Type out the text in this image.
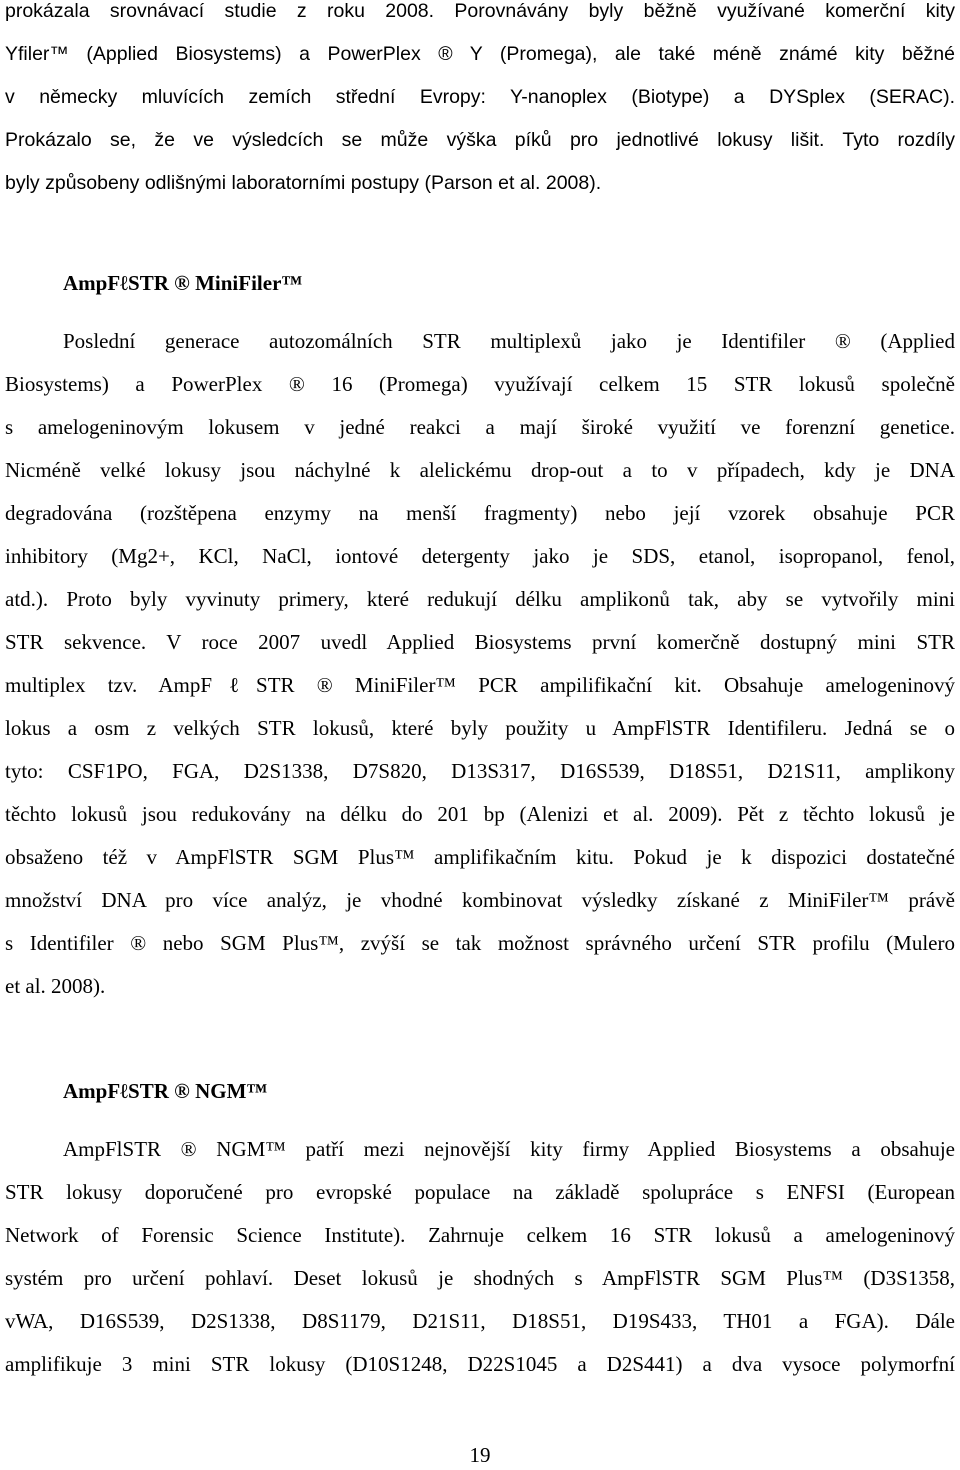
prokázala srovnávací studie z roku 2008. Porovnávány byly běžně využívané komerční kity
Yfiler™ (Applied Biosystems) a PowerPlex ® Y (Promega), ale také méně známé kity běžné
v německy mluvících zemích střední Evropy: Y-nanoplex (Biotype) a DYSplex (SERAC).
Prokázalo se, že ve výsledcích se může výška píků pro jednotlivé lokusy lišit. Tyto rozdíly
byly způsobeny odlišnými laboratorními postupy (Parson et al. 2008).
AmpFℓSTR ® MiniFiler™
Poslední generace autozomálních STR multiplexů jako je Identifiler ® (Applied
Biosystems) a PowerPlex ® 16 (Promega) využívají celkem 15 STR lokusů společně
s amelogeninovým lokusem v jedné reakci a mají široké využití ve forenzní genetice.
Nicméně velké lokusy jsou náchylné k alelickému drop-out a to v případech, kdy je DNA
degradována (rozštěpena enzymy na menší fragmenty) nebo její vzorek obsahuje PCR
inhibitory (Mg2+, KCl, NaCl, iontové detergenty jako je SDS, etanol, isopropanol, fenol,
atd.). Proto byly vyvinuty primery, které redukují délku amplikonů tak, aby se vytvořily mini
STR sekvence. V roce 2007 uvedl Applied Biosystems první komerčně dostupný mini STR
multiplex tzv. AmpFℓSTR ® MiniFiler™ PCR ampilifikační kit. Obsahuje amelogeninový
lokus a osm z velkých STR lokusů, které byly použity u AmpFlSTR Identifileru. Jedná se o
tyto: CSF1PO, FGA, D2S1338, D7S820, D13S317, D16S539, D18S51, D21S11, amplikony
těchto lokusů jsou redukovány na délku do 201 bp (Alenizi et al. 2009). Pět z těchto lokusů je
obsaženo též v AmpFlSTR SGM Plus™ amplifikačním kitu. Pokud je k dispozici dostatečné
množství DNA pro více analýz, je vhodné kombinovat výsledky získané z MiniFiler™ právě
s Identifiler ® nebo SGM Plus™, zvýší se tak možnost správného určení STR profilu (Mulero
et al. 2008).
AmpFℓSTR ® NGM™
AmpFlSTR ® NGM™ patří mezi nejnovější kity firmy Applied Biosystems a obsahuje
STR lokusy doporučené pro evropské populace na základě spolupráce s ENFSI (European
Network of Forensic Science Institute). Zahrnuje celkem 16 STR lokusů a amelogeninový
systém pro určení pohlaví. Deset lokusů je shodných s AmpFlSTR SGM Plus™ (D3S1358,
vWA, D16S539, D2S1338, D8S1179, D21S11, D18S51, D19S433, TH01 a FGA). Dále
amplifikuje 3 mini STR lokusy (D10S1248, D22S1045 a D2S441) a dva vysoce polymorfní
19
